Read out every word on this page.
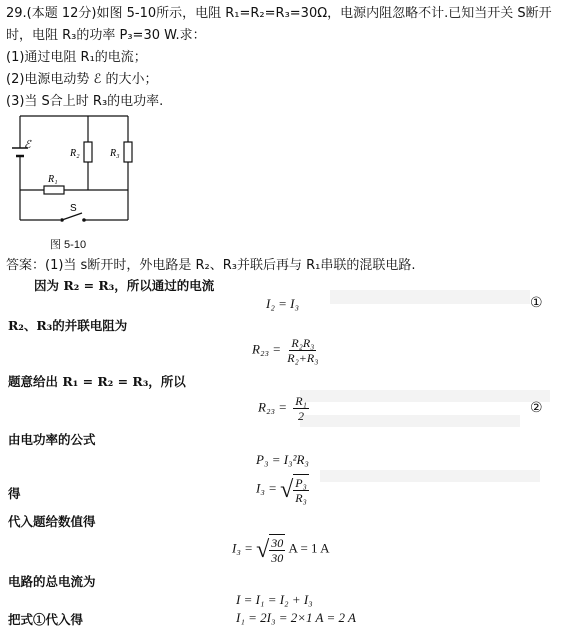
29.(本题 12分)如图 5-10所示，电阻 R₁=R₂=R₃=30Ω，电源内阻忽略不计.已知当开关 S断开
时，电阻 R₃的功率 P₃=30 W.求：
(1)通过电阻 R₁的电流；
(2)电源电动势 ℰ 的大小；
(3)当 S合上时 R₃的电功率.
ℰ
R₂	R₃
R₁
S
图 5-10
答案：(1)当 s断开时，外电路是 R₂、R₃并联后再与 R₁串联的混联电路.
因为 R₂ = R₃，所以通过的电流
I₂ = I₃	①
R₂、R₃的并联电阻为
$R_{23} = \frac{\text{R₂R₃}}{\text{R₂+R₃}}$
题意给出 R₁ = R₂ = R₃，所以
$R_{23} = \frac{\text{R₁}}{2}$	②
由电功率的公式
P₃ = I₃²R₃
得	I₃ = √ $\frac{\text{P₃}}{\text{R₃}}$
代入题给数值得
I₃ = √ $\frac{30}{30}$ A = 1 A
电路的总电流为
I = I₁ = I₂ + I₃
把式①代入得	I₁ = 2I₃ = 2×1 A = 2 A
